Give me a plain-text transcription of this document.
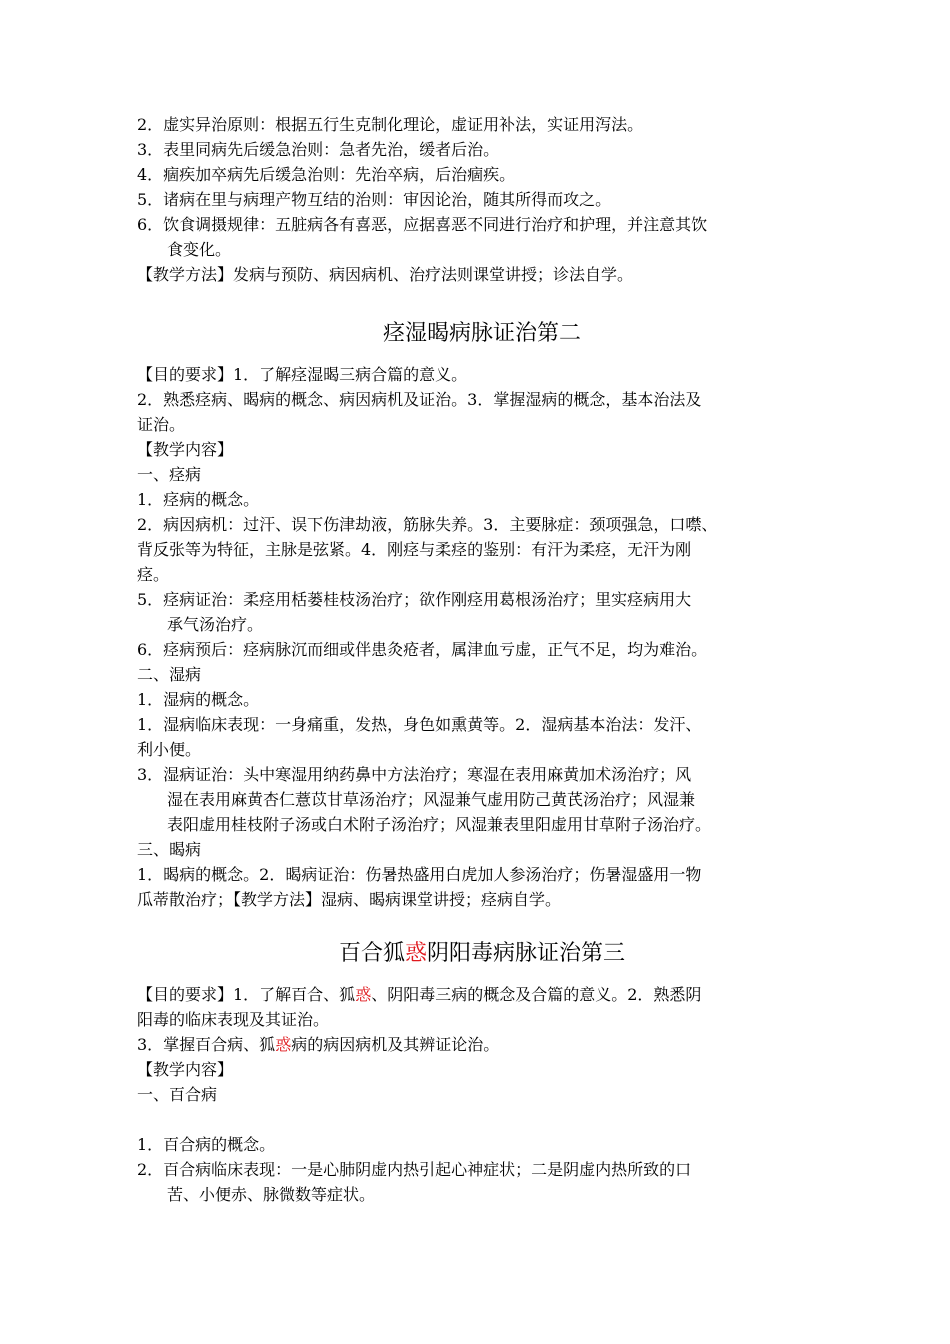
2．虚实异治原则：根据五行生克制化理论，虚证用补法，实证用泻法。
3．表里同病先后缓急治则：急者先治，缓者后治。
4．痼疾加卒病先后缓急治则：先治卒病，后治痼疾。
5．诸病在里与病理产物互结的治则：审因论治，随其所得而攻之。
6．饮食调摄规律：五脏病各有喜恶，应据喜恶不同进行治疗和护理，并注意其饮
食变化。
【教学方法】发病与预防、病因病机、治疗法则课堂讲授；诊法自学。
痉湿暍病脉证治第二
【目的要求】1．了解痉湿暍三病合篇的意义。
2．熟悉痉病、暍病的概念、病因病机及证治。3．掌握湿病的概念，基本治法及
证治。
【教学内容】
一、痉病
1．痉病的概念。
2．病因病机：过汗、误下伤津劫液，筋脉失养。3．主要脉症：颈项强急，口噤、
背反张等为特征，主脉是弦紧。4．刚痉与柔痉的鉴别：有汗为柔痉，无汗为刚
痉。
5．痉病证治：柔痉用栝蒌桂枝汤治疗；欲作刚痉用葛根汤治疗；里实痉病用大
承气汤治疗。
6．痉病预后：痉病脉沉而细或伴患灸疮者，属津血亏虚，正气不足，均为难治。
二、湿病
1．湿病的概念。
1．湿病临床表现：一身痛重，发热，身色如熏黄等。2．湿病基本治法：发汗、
利小便。
3．湿病证治：头中寒湿用纳药鼻中方法治疗；寒湿在表用麻黄加术汤治疗；风
湿在表用麻黄杏仁薏苡甘草汤治疗；风湿兼气虚用防己黄芪汤治疗；风湿兼
表阳虚用桂枝附子汤或白术附子汤治疗；风湿兼表里阳虚用甘草附子汤治疗。
三、暍病
1．暍病的概念。2．暍病证治：伤暑热盛用白虎加人参汤治疗；伤暑湿盛用一物
瓜蒂散治疗；【教学方法】湿病、暍病课堂讲授；痉病自学。
百合狐惑阴阳毒病脉证治第三
【目的要求】1．了解百合、狐惑、阴阳毒三病的概念及合篇的意义。2．熟悉阴
阳毒的临床表现及其证治。
3．掌握百合病、狐惑病的病因病机及其辨证论治。
【教学内容】
一、百合病
1．百合病的概念。
2．百合病临床表现：一是心肺阴虚内热引起心神症状；二是阴虚内热所致的口
苦、小便赤、脉微数等症状。
